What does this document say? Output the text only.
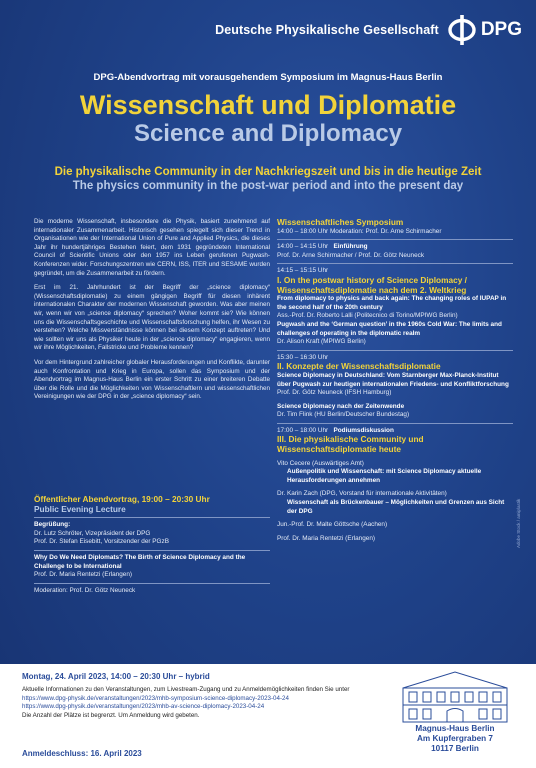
Deutsche Physikalische Gesellschaft DPG
DPG-Abendvortrag mit vorausgehendem Symposium im Magnus-Haus Berlin
Wissenschaft und Diplomatie
Science and Diplomacy
Die physikalische Community in der Nachkriegszeit und bis in die heutige Zeit
The physics community in the post-war period and into the present day

Die moderne Wissenschaft, insbesondere die Physik, basiert zunehmend auf internationaler Zusammenarbeit. Historisch gesehen spiegelt sich dieser Trend in Organisationen wie der International Union of Pure and Applied Physics, die dieses Jahr ihr hundertjähriges Bestehen feiert, dem 1931 gegründeten International Council of Scientific Unions oder den 1957 ins Leben gerufenen Pugwash-Konferenzen wider. Forschungszentren wie CERN, ISS, ITER und SESAME wurden gegründet, um die Zusammenarbeit zu fördern.

Erst im 21. Jahrhundert ist der Begriff der „science diplomacy“ (Wissenschaftsdiplomatie) zu einem gängigen Begriff für diesen inhärent internationalen Charakter der modernen Wissenschaft geworden. Was aber meinen wir, wenn wir von „science diplomacy“ sprechen? Woher kommt sie? Wie können uns die Wissenschaftsgeschichte und Wissenschaftsforschung helfen, ihr Wesen zu verstehen? Welche Missverständnisse können bei diesem Konzept auftreten? Und wie sollten wir uns als Physiker heute in der „science diplomacy“ engagieren, wenn wir ihre Möglichkeiten, Fallstricke und Probleme kennen?

Vor dem Hintergrund zahlreicher globaler Herausforderungen und Konflikte, darunter auch Konfrontation und Krieg in Europa, sollen das Symposium und der Abendvortrag im Magnus-Haus Berlin ein erster Schritt zu einer breiteren Debatte über die Rolle und die Möglichkeiten von Wissenschaftlern und wissenschaftlichen Vereinigungen wie der DPG in der „science diplomacy“ sein.

Öffentlicher Abendvortrag, 19:00 – 20:30 Uhr
Public Evening Lecture
Begrüßung:
Dr. Lutz Schröter, Vizepräsident der DPG
Prof. Dr. Stefan Eisebitt, Vorsitzender der PGzB
Why Do We Need Diplomats? The Birth of Science Diplomacy and the Challenge to be International
Prof. Dr. Maria Rentetzi (Erlangen)
Moderation: Prof. Dr. Götz Neuneck
Wissenschaftliches Symposium
14:00 – 18:00 Uhr Moderation: Prof. Dr. Arne Schirmacher
14:00 – 14:15 Uhr Einführung
Prof. Dr. Arne Schirmacher / Prof. Dr. Götz Neuneck
14:15 – 15:15 Uhr
I. On the postwar history of Science Diplomacy / Wissenschaftsdiplomatie nach dem 2. Weltkrieg
From diplomacy to physics and back again: The changing roles of IUPAP in the second half of the 20th century
Ass.-Prof. Dr. Roberto Lalli (Politecnico di Torino/MPIWG Berlin)
Pugwash and the ‘German question’ in the 1960s Cold War: The limits and challenges of operating in the diplomatic realm
Dr. Alison Kraft (MPIWG Berlin)
15:30 – 16:30 Uhr
II. Konzepte der Wissenschaftsdiplomatie
Science Diplomacy in Deutschland: Vom Starnberger Max-Planck-Institut über Pugwash zur heutigen internationalen Friedens- und Konfliktforschung
Prof. Dr. Götz Neuneck (IFSH Hamburg)
Science Diplomacy nach der Zeitenwende
Dr. Tim Flink (HU Berlin/Deutscher Bundestag)
17:00 – 18:00 Uhr Podiumsdiskussion
III. Die physikalische Community und Wissenschaftsdiplomatie heute
Vito Cecere (Auswärtiges Amt)
Außenpolitik und Wissenschaft: mit Science Diplomacy aktuelle Herausforderungen annehmen
Dr. Karin Zach (DPG, Vorstand für internationale Aktivitäten)
Wissenschaft als Brückenbauer – Möglichkeiten und Grenzen aus Sicht der DPG
Jun.-Prof. Dr. Malte Göttsche (Aachen)
Prof. Dr. Maria Rentetzi (Erlangen)	Adobe Stock / amiplastik
Montag, 24. April 2023, 14:00 – 20:30 Uhr – hybrid
Aktuelle Informationen zu den Veranstaltungen, zum Livestream-Zugang und zu Anmeldemöglichkeiten finden Sie unter
https://www.dpg-physik.de/veranstaltungen/2023/mhb-symposium-science-diplomacy-2023-04-24
https://www.dpg-physik.de/veranstaltungen/2023/mhb-av-science-diplomacy-2023-04-24
Die Anzahl der Plätze ist begrenzt. Um Anmeldung wird gebeten.
Anmeldeschluss: 16. April 2023
Magnus-Haus Berlin
Am Kupfergraben 7
10117 Berlin
